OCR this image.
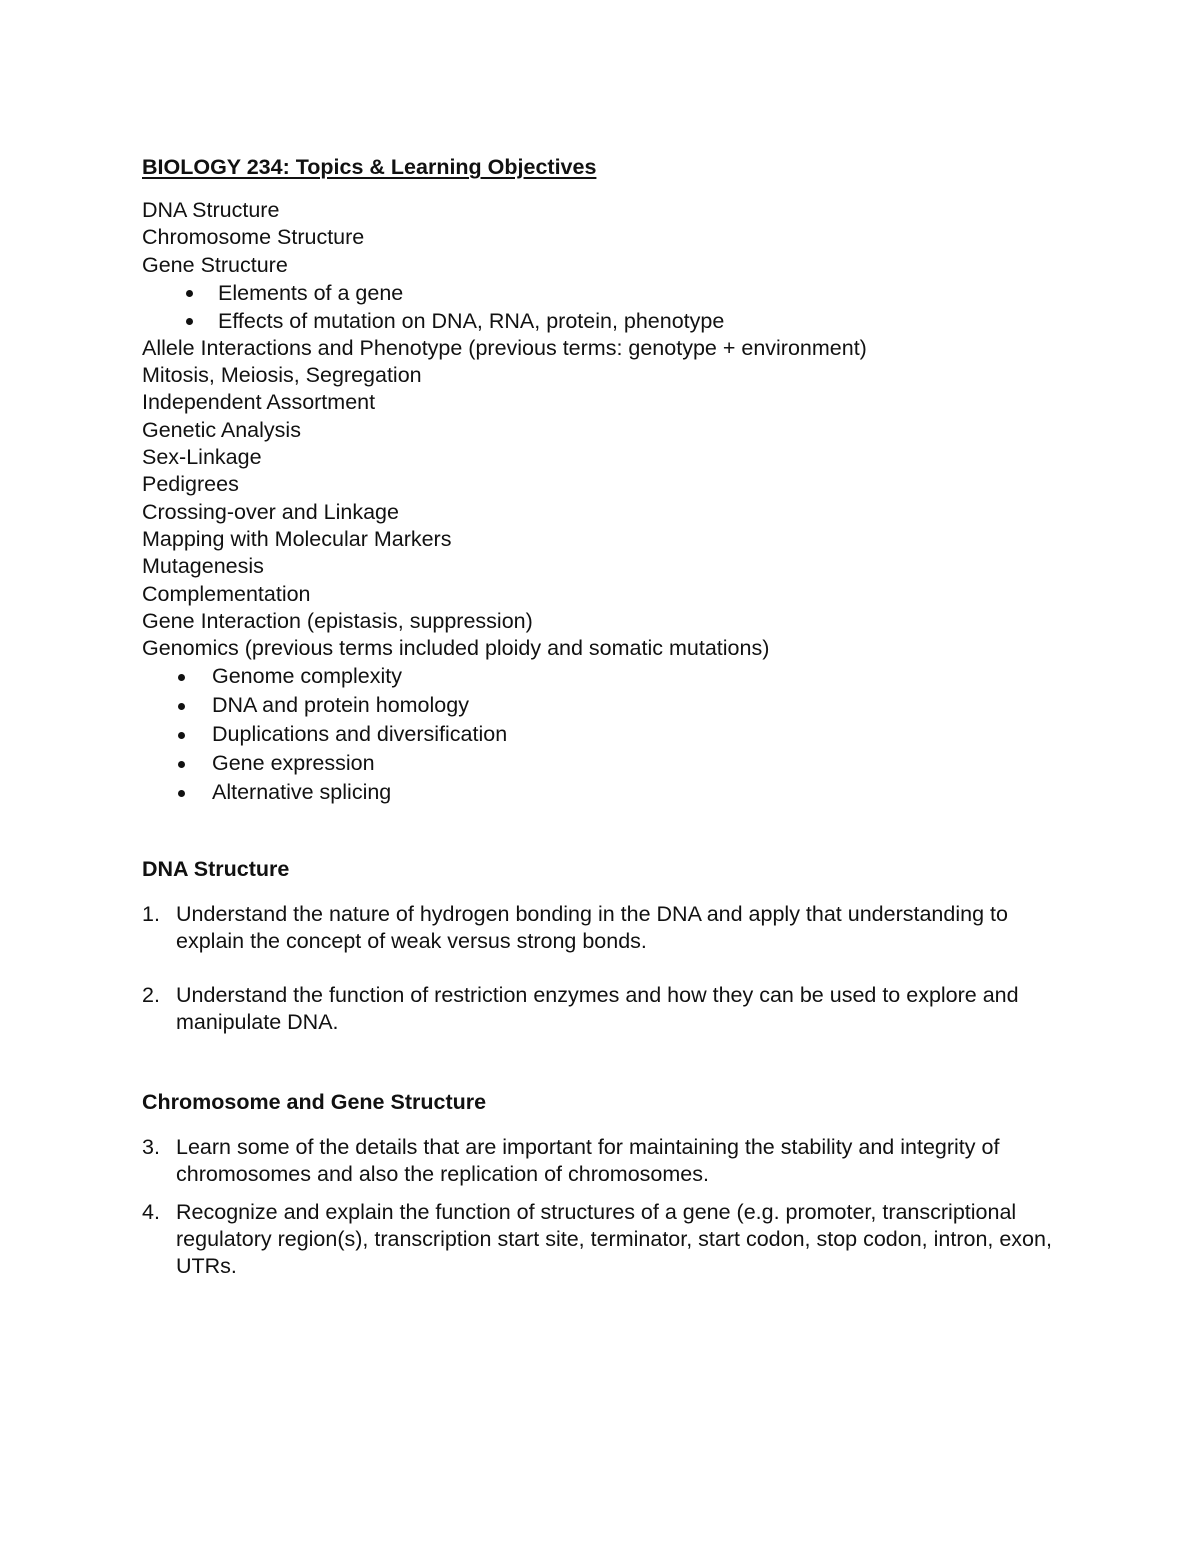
BIOLOGY 234: Topics & Learning Objectives
DNA Structure
Chromosome Structure
Gene Structure
Elements of a gene
Effects of mutation on DNA, RNA, protein, phenotype
Allele Interactions and Phenotype (previous terms: genotype + environment)
Mitosis, Meiosis, Segregation
Independent Assortment
Genetic Analysis
Sex-Linkage
Pedigrees
Crossing-over and Linkage
Mapping with Molecular Markers
Mutagenesis
Complementation
Gene Interaction (epistasis, suppression)
Genomics (previous terms included ploidy and somatic mutations)
Genome complexity
DNA and protein homology
Duplications and diversification
Gene expression
Alternative splicing
DNA Structure
1. Understand the nature of hydrogen bonding in the DNA and apply that understanding to explain the concept of weak versus strong bonds.
2. Understand the function of restriction enzymes and how they can be used to explore and manipulate DNA.
Chromosome and Gene Structure
3. Learn some of the details that are important for maintaining the stability and integrity of chromosomes and also the replication of chromosomes.
4. Recognize and explain the function of structures of a gene (e.g. promoter, transcriptional regulatory region(s), transcription start site, terminator, start codon, stop codon, intron, exon, UTRs.
